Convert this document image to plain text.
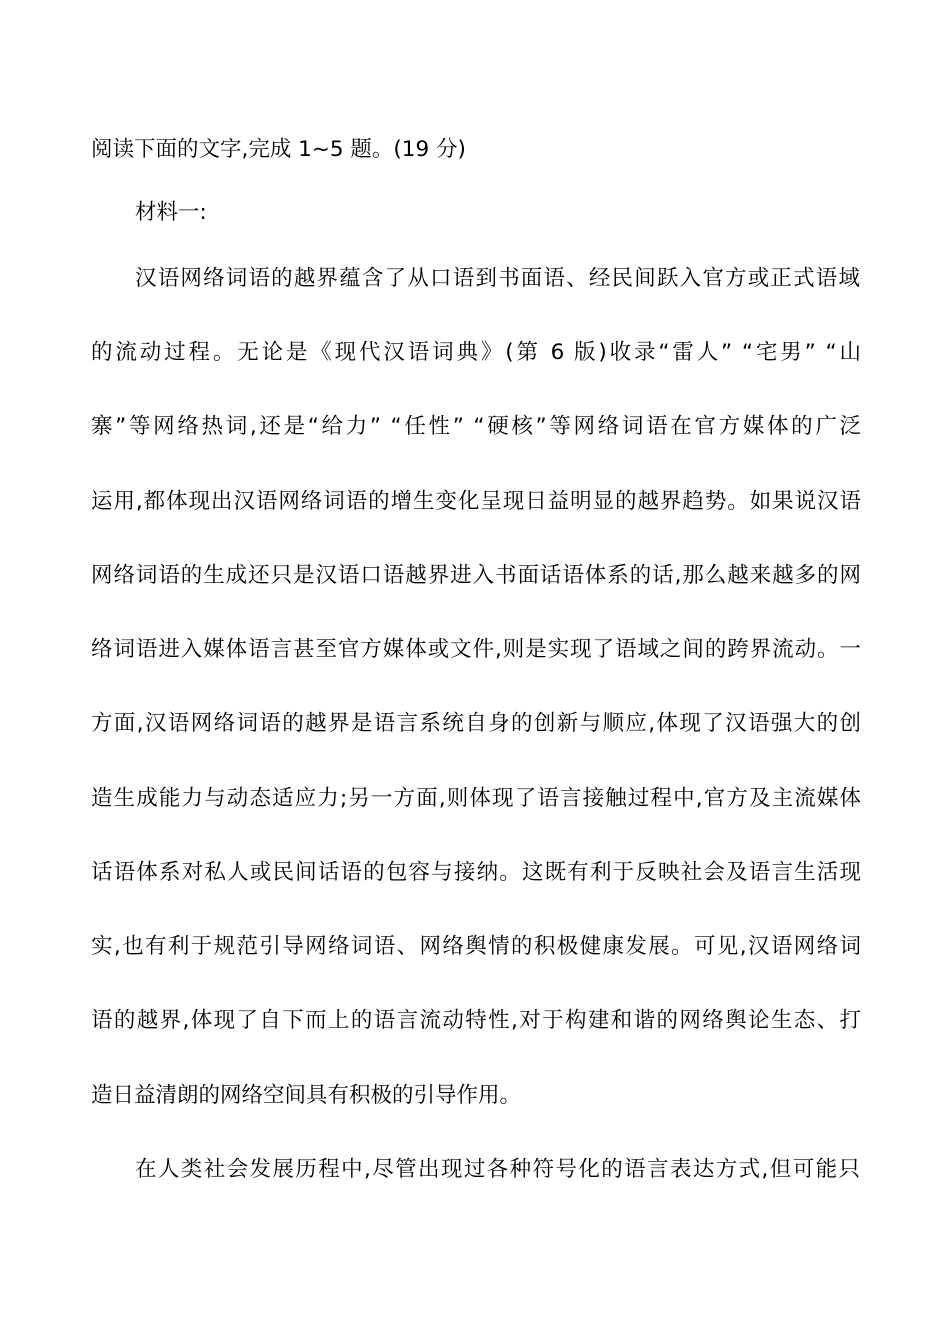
阅读下面的文字,完成 1~5 题。(19 分)
材料一:
汉语网络词语的越界蕴含了从口语到书面语、经民间跃入官方或正式语域
的流动过程。无论是《现代汉语词典》(第 6 版)收录“雷人” “宅男” “山
寨”等网络热词,还是“给力” “任性” “硬核”等网络词语在官方媒体的广泛
运用,都体现出汉语网络词语的增生变化呈现日益明显的越界趋势。如果说汉语
网络词语的生成还只是汉语口语越界进入书面话语体系的话,那么越来越多的网
络词语进入媒体语言甚至官方媒体或文件,则是实现了语域之间的跨界流动。一
方面,汉语网络词语的越界是语言系统自身的创新与顺应,体现了汉语强大的创
造生成能力与动态适应力;另一方面,则体现了语言接触过程中,官方及主流媒体
话语体系对私人或民间话语的包容与接纳。这既有利于反映社会及语言生活现
实,也有利于规范引导网络词语、网络舆情的积极健康发展。可见,汉语网络词
语的越界,体现了自下而上的语言流动特性,对于构建和谐的网络舆论生态、打
造日益清朗的网络空间具有积极的引导作用。
在人类社会发展历程中,尽管出现过各种符号化的语言表达方式,但可能只
